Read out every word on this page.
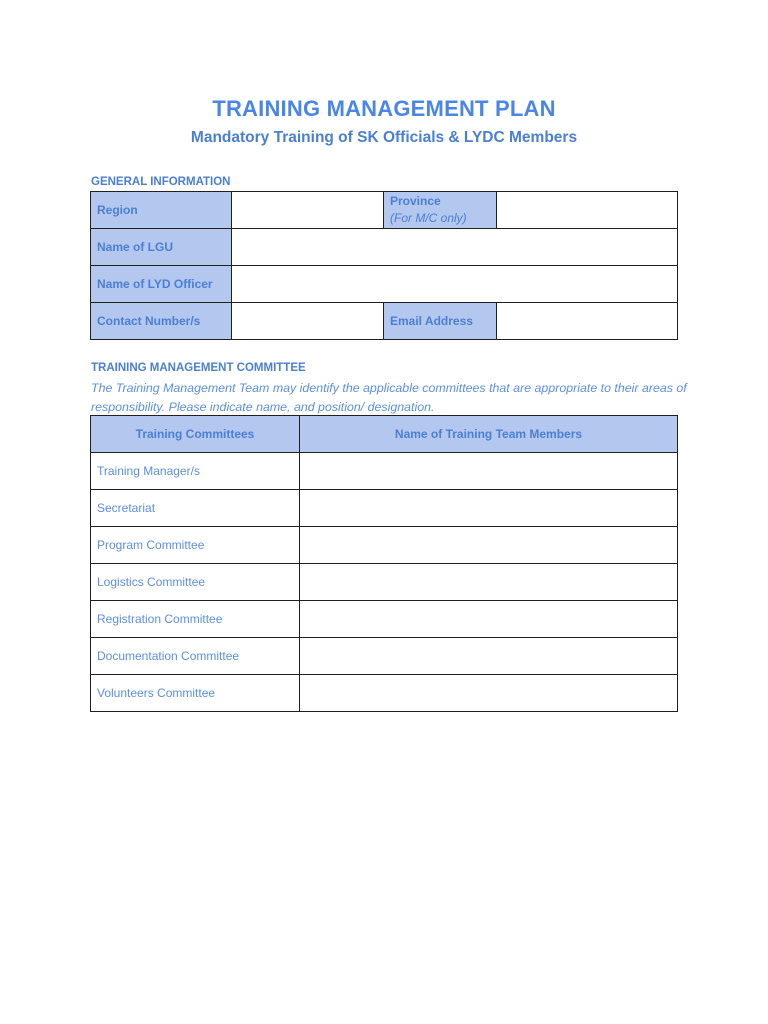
TRAINING MANAGEMENT PLAN
Mandatory Training of SK Officials & LYDC Members
GENERAL INFORMATION
Region		Province
(For M/C only)	

Name of LGU			
Name of LYD Officer			
Contact Number/s		Email Address	
TRAINING MANAGEMENT COMMITTEE
The Training Management Team may identify the applicable committees that are appropriate to their areas of responsibility. Please indicate name, and position/ designation.
Training Committees	Name of Training Team Members
Training Manager/s	
Secretariat	
Program Committee	
Logistics Committee	
Registration Committee	
Documentation Committee	
Volunteers Committee	
